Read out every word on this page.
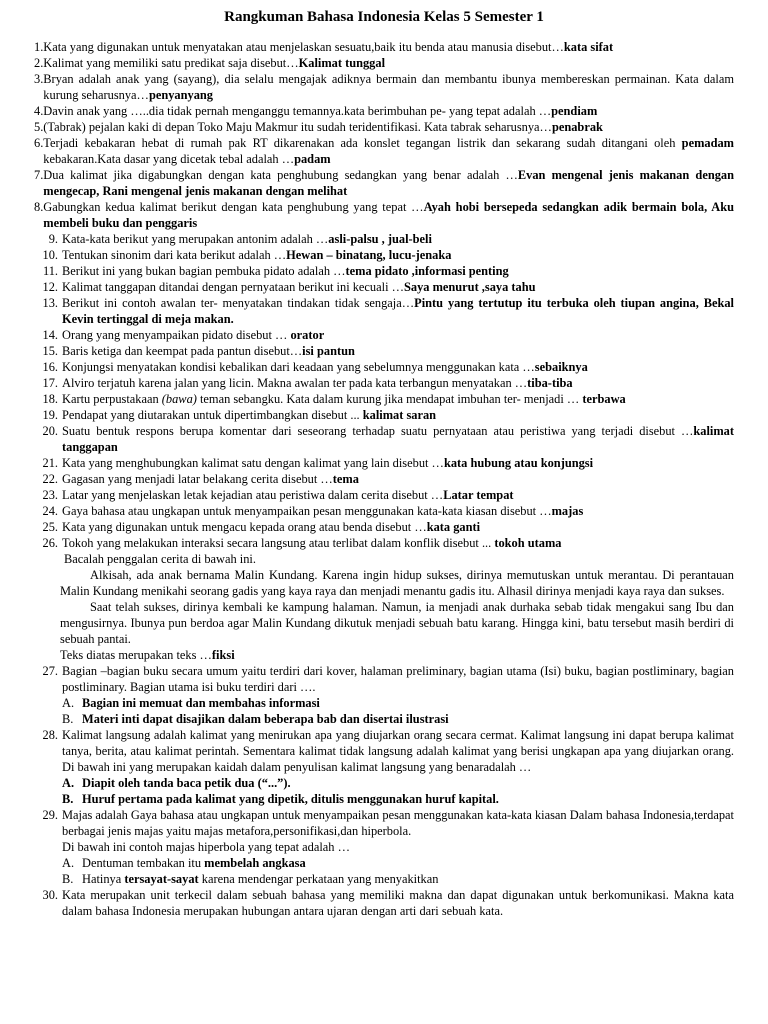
Rangkuman Bahasa Indonesia Kelas 5 Semester 1
1. Kata yang digunakan untuk menyatakan atau menjelaskan sesuatu,baik itu benda atau manusia disebut…kata sifat
2. Kalimat yang memiliki satu predikat saja disebut…Kalimat tunggal
3. Bryan adalah anak yang (sayang), dia selalu mengajak adiknya bermain dan membantu ibunya membereskan permainan. Kata dalam kurung seharusnya…penyanyang
4. Davin anak yang …..dia tidak pernah menganggu temannya.kata berimbuhan pe- yang tepat adalah …pendiam
5. (Tabrak) pejalan kaki di depan Toko Maju Makmur itu sudah teridentifikasi. Kata tabrak seharusnya…penabrak
6. Terjadi kebakaran hebat di rumah pak RT dikarenakan ada konslet tegangan listrik dan sekarang sudah ditangani oleh pemadam kebakaran.Kata dasar yang dicetak tebal adalah …padam
7. Dua kalimat jika digabungkan dengan kata penghubung sedangkan yang benar adalah …Evan mengenal jenis makanan dengan mengecap, Rani mengenal jenis makanan dengan melihat
8. Gabungkan kedua kalimat berikut dengan kata penghubung yang tepat …Ayah hobi bersepeda sedangkan adik bermain bola, Aku membeli buku dan penggaris
9. Kata-kata berikut yang merupakan antonim adalah …asli-palsu , jual-beli
10. Tentukan sinonim dari kata berikut adalah …Hewan – binatang, lucu-jenaka
11. Berikut ini yang bukan bagian pembuka pidato adalah …tema pidato ,informasi penting
12. Kalimat tanggapan ditandai dengan pernyataan berikut ini kecuali …Saya menurut ,saya tahu
13. Berikut ini contoh awalan ter- menyatakan tindakan tidak sengaja…Pintu yang tertutup itu terbuka oleh tiupan angina, Bekal Kevin tertinggal di meja makan.
14. Orang yang menyampaikan pidato disebut … orator
15. Baris ketiga dan keempat pada pantun disebut…isi pantun
16. Konjungsi menyatakan kondisi kebalikan dari keadaan yang sebelumnya menggunakan kata …sebaiknya
17. Alviro terjatuh karena jalan yang licin. Makna awalan ter pada kata terbangun menyatakan …tiba-tiba
18. Kartu perpustakaan (bawa) teman sebangku. Kata dalam kurung jika mendapat imbuhan ter- menjadi … terbawa
19. Pendapat yang diutarakan untuk dipertimbangkan disebut ... kalimat saran
20. Suatu bentuk respons berupa komentar dari seseorang terhadap suatu pernyataan atau peristiwa yang terjadi disebut …kalimat tanggapan
21. Kata yang menghubungkan kalimat satu dengan kalimat yang lain disebut …kata hubung atau konjungsi
22. Gagasan yang menjadi latar belakang cerita disebut …tema
23. Latar yang menjelaskan letak kejadian atau peristiwa dalam cerita disebut …Latar tempat
24. Gaya bahasa atau ungkapan untuk menyampaikan pesan menggunakan kata-kata kiasan disebut …majas
25. Kata yang digunakan untuk mengacu kepada orang atau benda disebut …kata ganti
26. Tokoh yang melakukan interaksi secara langsung atau terlibat dalam konflik disebut ... tokoh utama
Bacalah penggalan cerita di bawah ini.
Alkisah, ada anak bernama Malin Kundang. Karena ingin hidup sukses, dirinya memutuskan untuk merantau. Di perantauan Malin Kundang menikahi seorang gadis yang kaya raya dan menjadi menantu gadis itu. Alhasil dirinya menjadi kaya raya dan sukses.
Saat telah sukses, dirinya kembali ke kampung halaman. Namun, ia menjadi anak durhaka sebab tidak mengakui sang Ibu dan mengusirnya. Ibunya pun berdoa agar Malin Kundang dikutuk menjadi sebuah batu karang. Hingga kini, batu tersebut masih berdiri di sebuah pantai.
Teks diatas merupakan teks …fiksi
27. Bagian –bagian buku secara umum yaitu terdiri dari kover, halaman preliminary, bagian utama (Isi) buku, bagian postliminary, bagian postliminary. Bagian utama isi buku terdiri dari ….
A. Bagian ini memuat dan membahas informasi
B. Materi inti dapat disajikan dalam beberapa bab dan disertai ilustrasi
28. Kalimat langsung adalah kalimat yang menirukan apa yang diujarkan orang secara cermat. Kalimat langsung ini dapat berupa kalimat tanya, berita, atau kalimat perintah. Sementara kalimat tidak langsung adalah kalimat yang berisi ungkapan apa yang diujarkan orang. Di bawah ini yang merupakan kaidah dalam penyulisan kalimat langsung yang benaradalah …
A. Diapit oleh tanda baca petik dua (“...”).
B. Huruf pertama pada kalimat yang dipetik, ditulis menggunakan huruf kapital.
29. Majas adalah Gaya bahasa atau ungkapan untuk menyampaikan pesan menggunakan kata-kata kiasan Dalam bahasa Indonesia,terdapat berbagai jenis majas yaitu majas metafora,personifikasi,dan hiperbola.
Di bawah ini contoh majas hiperbola yang tepat adalah …
A. Dentuman tembakan itu membelah angkasa
B. Hatinya tersayat-sayat karena mendengar perkataan yang menyakitkan
30. Kata merupakan unit terkecil dalam sebuah bahasa yang memiliki makna dan dapat digunakan untuk berkomunikasi. Makna kata dalam bahasa Indonesia merupakan hubungan antara ujaran dengan arti dari sebuah kata.
